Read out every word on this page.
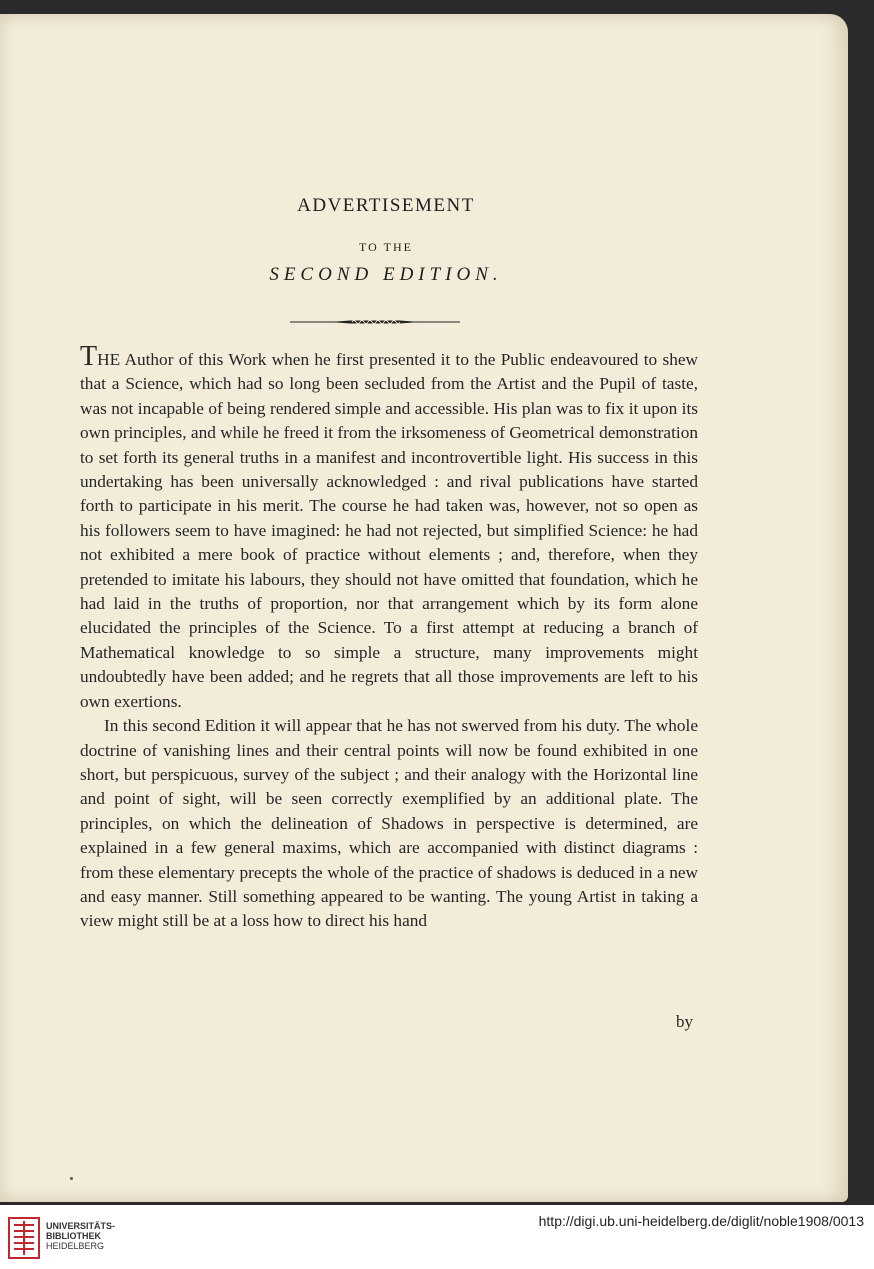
ADVERTISEMENT
TO THE
SECOND EDITION.

THE Author of this Work when he first presented it to the Public endeavoured to shew that a Science, which had so long been secluded from the Artist and the Pupil of taste, was not incapable of being rendered simple and accessible. His plan was to fix it upon its own principles, and while he freed it from the irksomeness of Geometrical demonstration to set forth its general truths in a manifest and incontrovertible light. His success in this undertaking has been universally acknowledged : and rival publications have started forth to participate in his merit. The course he had taken was, however, not so open as his followers seem to have imagined: he had not rejected, but simplified Science: he had not exhibited a mere book of practice without elements ; and, therefore, when they pretended to imitate his labours, they should not have omitted that foundation, which he had laid in the truths of proportion, nor that arrangement which by its form alone elucidated the principles of the Science. To a first attempt at reducing a branch of Mathematical knowledge to so simple a structure, many improvements might undoubtedly have been added; and he regrets that all those improvements are left to his own exertions.

In this second Edition it will appear that he has not swerved from his duty. The whole doctrine of vanishing lines and their central points will now be found exhibited in one short, but perspicuous, survey of the subject ; and their analogy with the Horizontal line and point of sight, will be seen correctly exemplified by an additional plate. The principles, on which the delineation of Shadows in perspective is determined, are explained in a few general maxims, which are accompanied with distinct diagrams : from these elementary precepts the whole of the practice of shadows is deduced in a new and easy manner. Still something appeared to be wanting. The young Artist in taking a view might still be at a loss how to direct his hand

by
UNIVERSITÄTS-
BIBLIOTHEK
HEIDELBERG
http://digi.ub.uni-heidelberg.de/diglit/noble1908/0013
